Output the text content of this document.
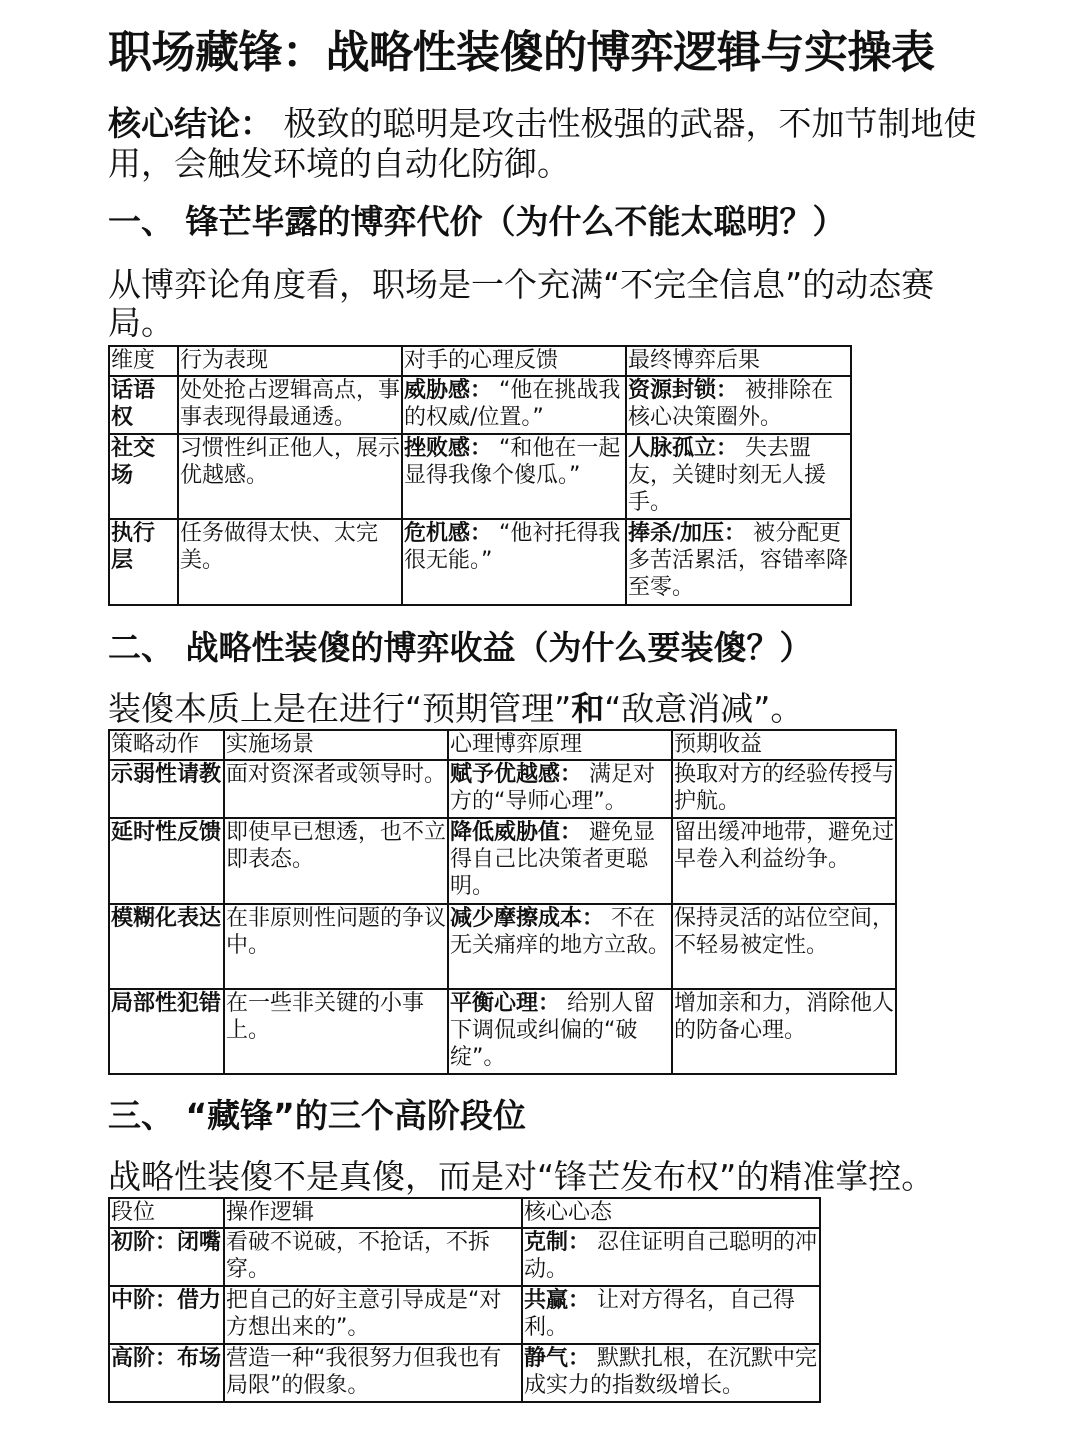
职场藏锋：战略性装傻的博弈逻辑与实操表
核心结论： 极致的聪明是攻击性极强的武器，不加节制地使用，会触发环境的自动化防御。
一、 锋芒毕露的博弈代价（为什么不能太聪明？）
从博弈论角度看，职场是一个充满“不完全信息”的动态赛局。
维度	行为表现	对手的心理反馈	最终博弈后果
话语权	处处抢占逻辑高点，事事表现得最通透。	威胁感： “他在挑战我的权威/位置。”	资源封锁： 被排除在核心决策圈外。
社交场	习惯性纠正他人，展示优越感。	挫败感： “和他在一起显得我像个傻瓜。”	人脉孤立： 失去盟友，关键时刻无人援手。
执行层	任务做得太快、太完美。	危机感： “他衬托得我很无能。”	捧杀/加压： 被分配更多苦活累活，容错率降至零。
二、 战略性装傻的博弈收益（为什么要装傻？）
装傻本质上是在进行“预期管理”和“敌意消减”。
策略动作	实施场景	心理博弈原理	预期收益
示弱性请教	面对资深者或领导时。	赋予优越感： 满足对方的“导师心理”。	换取对方的经验传授与护航。
延时性反馈	即使早已想透，也不立即表态。	降低威胁值： 避免显得自己比决策者更聪明。	留出缓冲地带，避免过早卷入利益纷争。
模糊化表达	在非原则性问题的争议中。	减少摩擦成本： 不在无关痛痒的地方立敌。	保持灵活的站位空间，不轻易被定性。
局部性犯错	在一些非关键的小事上。	平衡心理： 给别人留下调侃或纠偏的“破绽”。	增加亲和力，消除他人的防备心理。
三、 “藏锋”的三个高阶段位
战略性装傻不是真傻，而是对“锋芒发布权”的精准掌控。
段位	操作逻辑	核心心态
初阶：闭嘴	看破不说破，不抢话，不拆穿。	克制： 忍住证明自己聪明的冲动。
中阶：借力	把自己的好主意引导成是“对方想出来的”。	共赢： 让对方得名，自己得利。
高阶：布场	营造一种“我很努力但我也有局限”的假象。	静气： 默默扎根，在沉默中完成实力的指数级增长。
